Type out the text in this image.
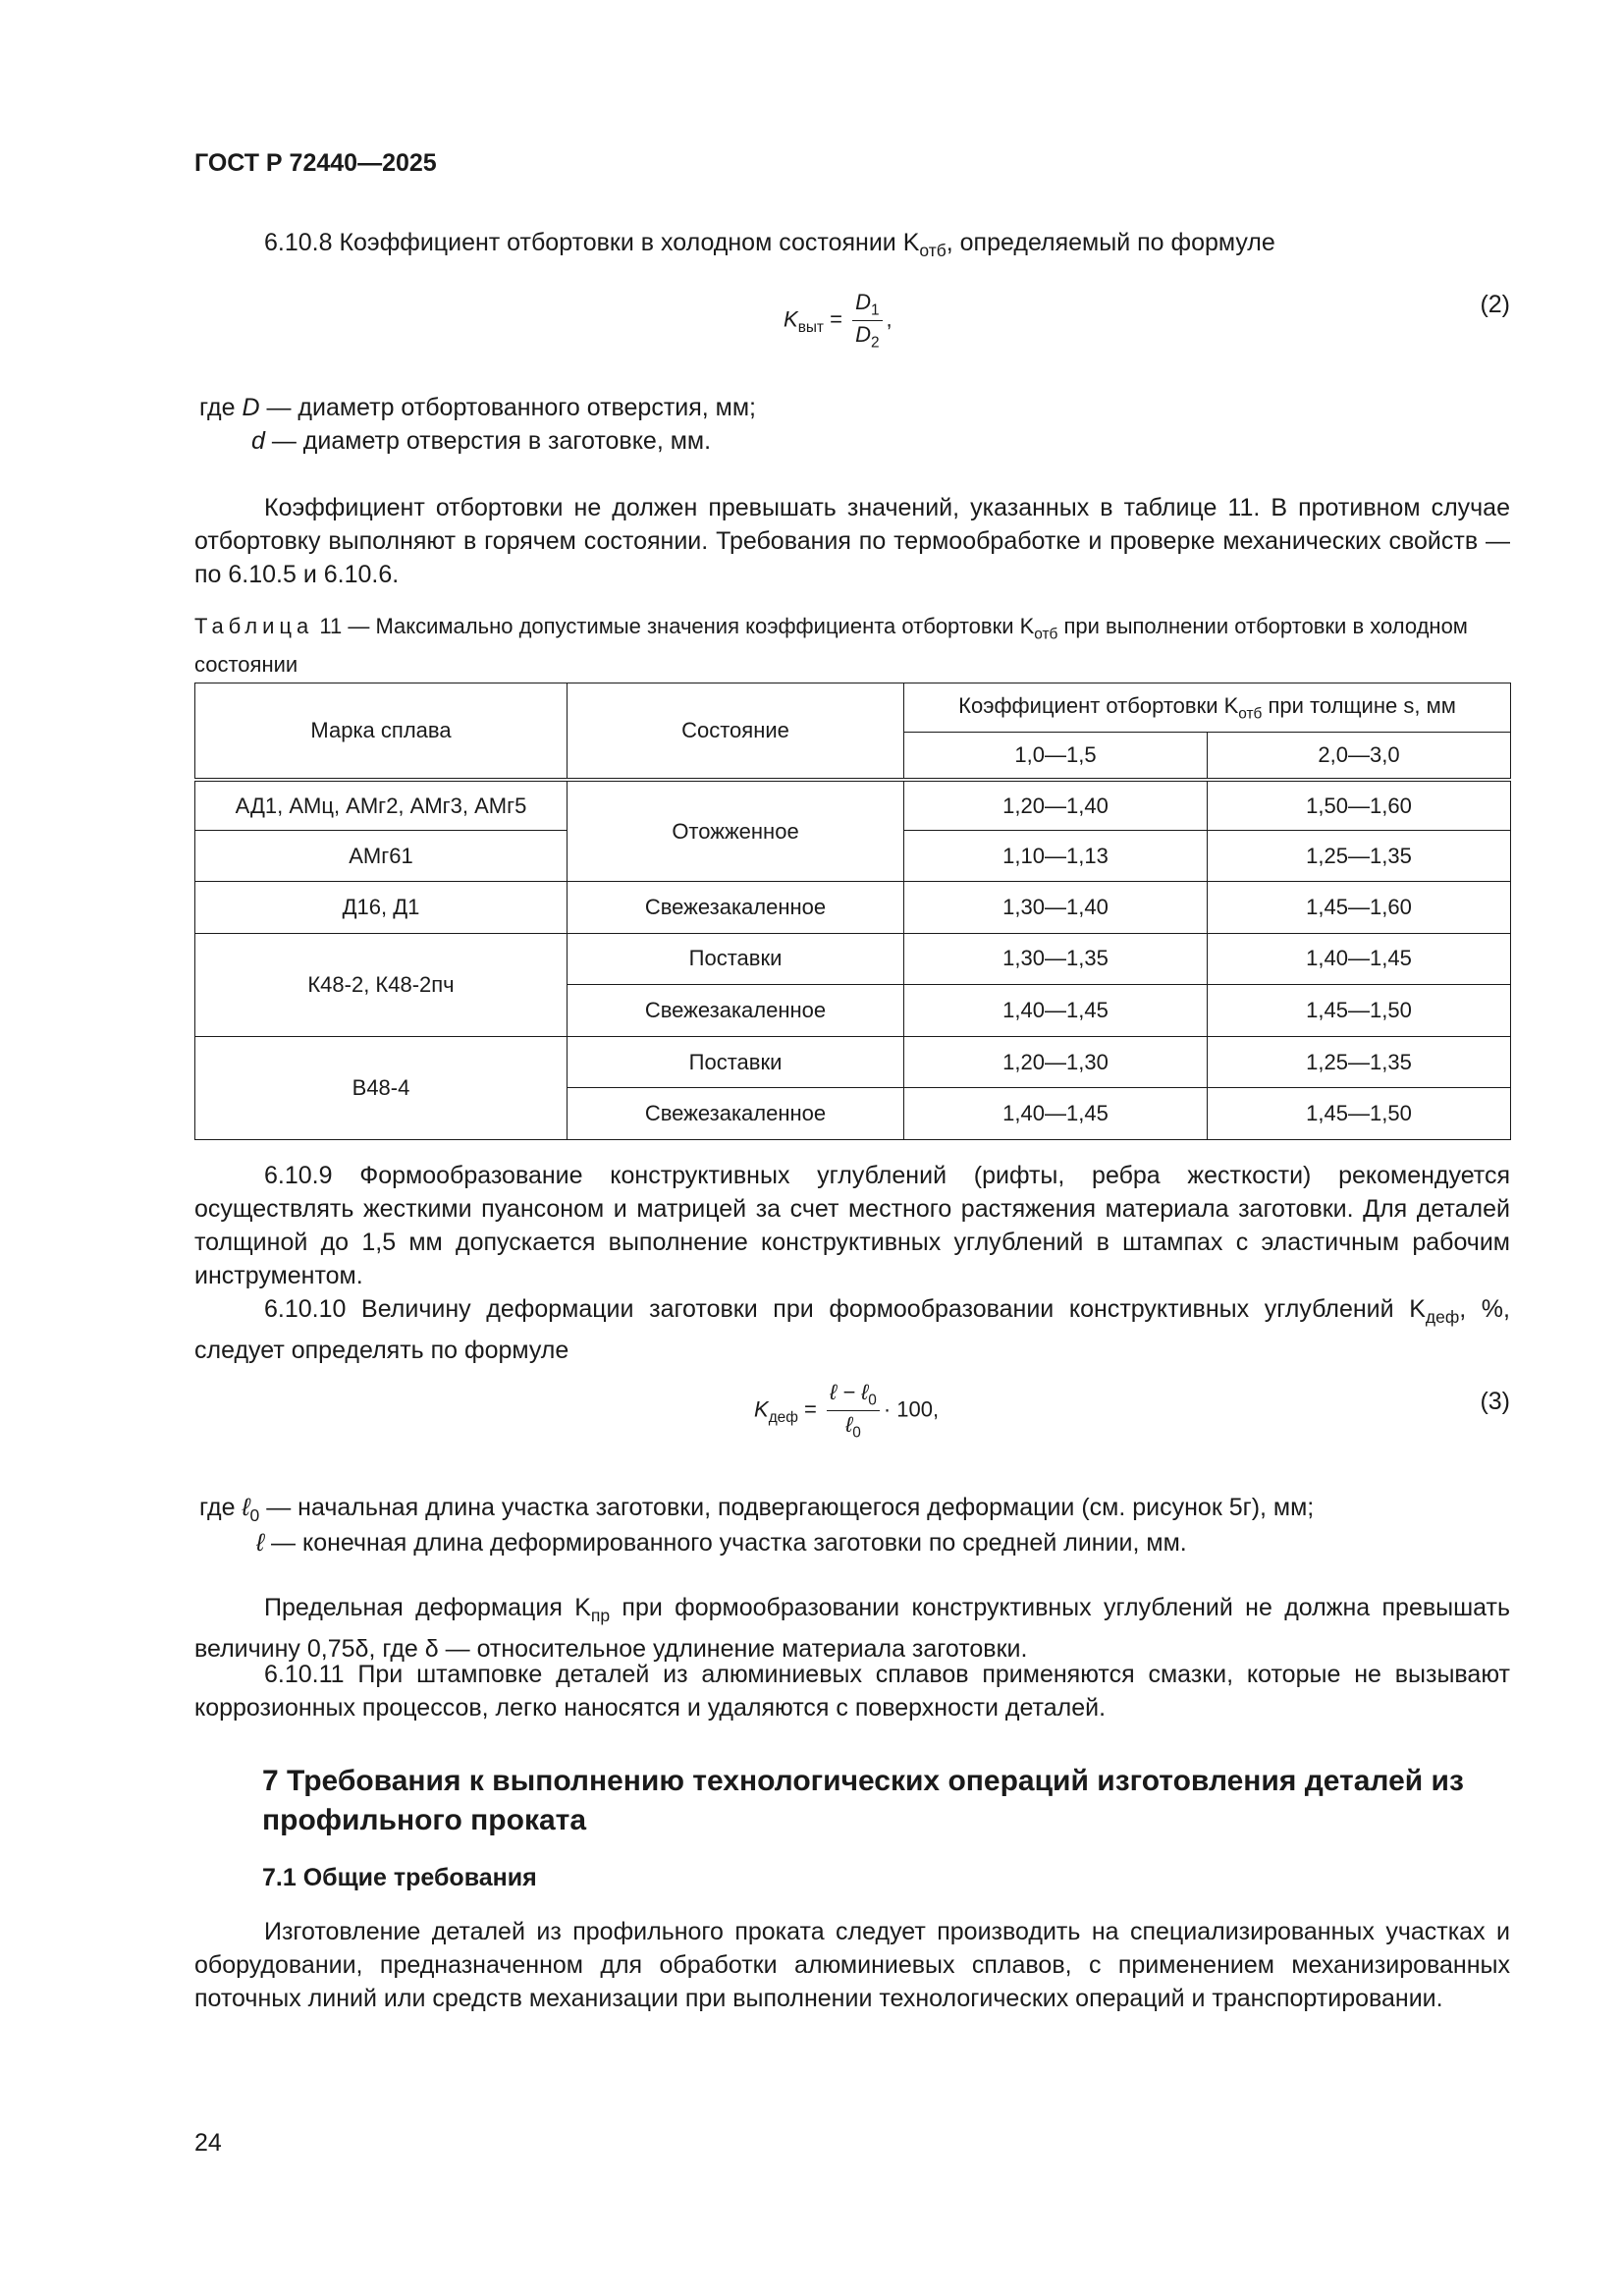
ГОСТ Р 72440—2025
6.10.8 Коэффициент отбортовки в холодном состоянии $K_{отб}$, определяемый по формуле
$K_{выт} = \frac{D_1}{D_2}$ ,
(2)
где D — диаметр отбортованного отверстия, мм;
d — диаметр отверстия в заготовке, мм.
Коэффициент отбортовки не должен превышать значений, указанных в таблице 11. В противном случае отбортовку выполняют в горячем состоянии. Требования по термообработке и проверке механических свойств — по 6.10.5 и 6.10.6.
Таблица 11 — Максимально допустимые значения коэффициента отбортовки $K_{отб}$ при выполнении отбортовки в холодном состоянии
Марка сплава	Состояние	Коэффициент отбортовки $K_{отб}$ при толщине s, мм	
		1,0—1,5	2,0—3,0
АД1, АМц, АМг2, АМг3, АМг5	Отожженное	1,20—1,40	1,50—1,60
АМг61		1,10—1,13	1,25—1,35
Д16, Д1	Свежезакаленное	1,30—1,40	1,45—1,60
К48-2, К48-2пч	Поставки	1,30—1,35	1,40—1,45
	Свежезакаленное	1,40—1,45	1,45—1,50
В48-4	Поставки	1,20—1,30	1,25—1,35
	Свежезакаленное	1,40—1,45	1,45—1,50
6.10.9 Формообразование конструктивных углублений (рифты, ребра жесткости) рекомендуется осуществлять жесткими пуансоном и матрицей за счет местного растяжения материала заготовки. Для деталей толщиной до 1,5 мм допускается выполнение конструктивных углублений в штампах с эластичным рабочим инструментом.
6.10.10 Величину деформации заготовки при формообразовании конструктивных углублений $K_{деф}$, %, следует определять по формуле
$K_{деф} = \frac{\ell - \ell_0}{\ell_0} \cdot 100$,	(3)
где ℓ$_0$ — начальная длина участка заготовки, подвергающегося деформации (см. рисунок 5г), мм;
ℓ — конечная длина деформированного участка заготовки по средней линии, мм.
Предельная деформация $K_{пр}$ при формообразовании конструктивных углублений не должна превышать величину 0,75δ, где δ — относительное удлинение материала заготовки.
6.10.11 При штамповке деталей из алюминиевых сплавов применяются смазки, которые не вызывают коррозионных процессов, легко наносятся и удаляются с поверхности деталей.
7 Требования к выполнению технологических операций изготовления деталей из профильного проката
7.1 Общие требования
Изготовление деталей из профильного проката следует производить на специализированных участках и оборудовании, предназначенном для обработки алюминиевых сплавов, с применением механизированных поточных линий или средств механизации при выполнении технологических операций и транспортировании.
24
